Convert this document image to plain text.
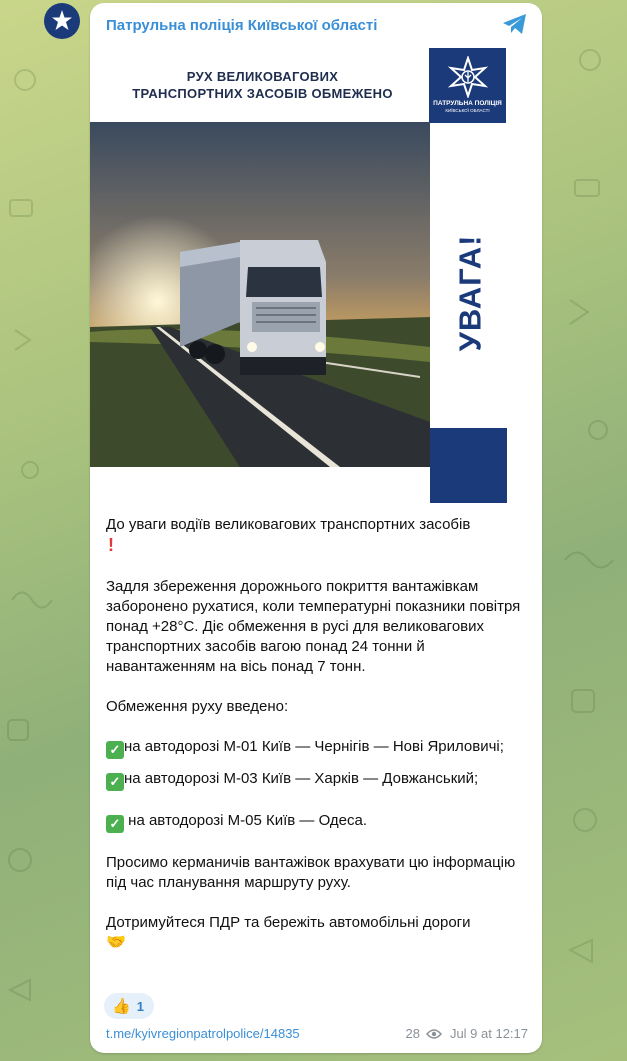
Патрульна поліція Київської області
РУХ ВЕЛИКОВАГОВИХ
ТРАНСПОРТНИХ ЗАСОБІВ ОБМЕЖЕНО
ПАТРУЛЬНА ПОЛІЦІЯ
КИЇВСЬКОЇ ОБЛАСТІ
УВАГА!

До уваги водіїв великовагових транспортних засобів
!

Задля збереження дорожнього покриття вантажівкам заборонено рухатися, коли температурні показники повітря понад +28°С. Діє обмеження в русі для великовагових транспортних засобів вагою понад 24 тонни й навантаженням на вісь понад 7 тонн.

Обмеження руху введено:

✓ на автодорозі М-01 Київ — Чернігів — Нові Яриловичі;

✓ на автодорозі М-03 Київ — Харків — Довжанський;

✓ на автодорозі М-05 Київ — Одеса.

Просимо керманичів вантажівок врахувати цю інформацію під час планування маршруту руху.

Дотримуйтеся ПДР та бережіть автомобільні дороги
🤝

👍 1
t.me/kyivregionpatrolpolice/14835	28 Jul 9 at 12:17
